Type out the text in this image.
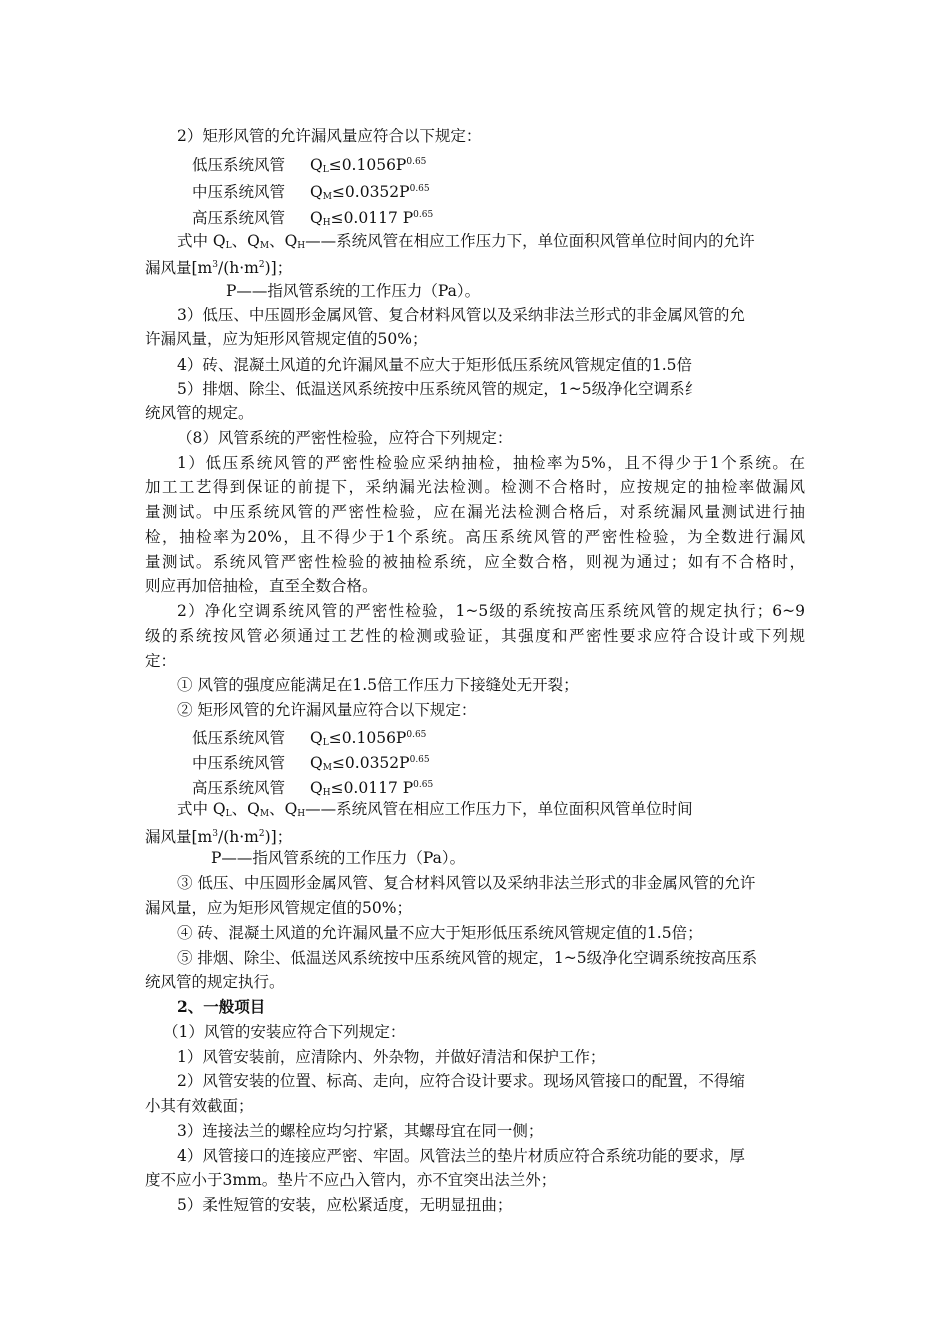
2）矩形风管的允许漏风量应符合以下规定：
低压系统风管 $Q_L\le 0.1056P^{0.65}$
中压系统风管 $Q_M\le 0.0352P^{0.65}$
高压系统风管 $Q_H\le 0.0117$ $P^{0.65}$
式中 $Q_L$、$Q_M$、$Q_H——$系统风管在相应工作压力下，单位面积风管单位时间内的允许
漏风量$[m^3/(h\cdot m^2)]$；
P——指风管系统的工作压力（Pa）。
3）低压、中压圆形金属风管、复合材料风管以及采纳非法兰形式的非金属风管的允
许漏风量，应为矩形风管规定值的50%；
4）砖、混凝土风道的允许漏风量不应大于矩形低压系统风管规定值的1.5倍
5）排烟、除尘、低温送风系统按中压系统风管的规定，1~5级净化空调系纟
统风管的规定。
（8）风管系统的严密性检验，应符合下列规定：
1）低压系统风管的严密性检验应采纳抽检，抽检率为5%，且不得少于1个系统。在
加工工艺得到保证的前提下，采纳漏光法检测。检测不合格时，应按规定的抽检率做漏风
量测试。中压系统风管的严密性检验，应在漏光法检测合格后，对系统漏风量测试进行抽
检，抽检率为20%，且不得少于1个系统。高压系统风管的严密性检验，为全数进行漏风
量测试。系统风管严密性检验的被抽检系统，应全数合格，则视为通过；如有不合格时，
则应再加倍抽检，直至全数合格。
2）净化空调系统风管的严密性检验，1~5级的系统按高压系统风管的规定执行；6~9
级的系统按风管必须通过工艺性的检测或验证，其强度和严密性要求应符合设计或下列规
定：
① 风管的强度应能满足在1.5倍工作压力下接缝处无开裂；
② 矩形风管的允许漏风量应符合以下规定：
低压系统风管 $Q_L\le 0.1056P^{0.65}$
中压系统风管 $Q_M\le 0.0352P^{0.65}$
高压系统风管 $Q_H\le 0.0117$ $P^{0.65}$
式中 $Q_L$、$Q_M$、$Q_H——$系统风管在相应工作压力下，单位面积风管单位时间
漏风量$[m^3/(h\cdot m^2)]$；
P——指风管系统的工作压力（Pa）。
③ 低压、中压圆形金属风管、复合材料风管以及采纳非法兰形式的非金属风管的允许
漏风量，应为矩形风管规定值的50%；
④ 砖、混凝土风道的允许漏风量不应大于矩形低压系统风管规定值的1.5倍；
⑤ 排烟、除尘、低温送风系统按中压系统风管的规定，1~5级净化空调系统按高压系
统风管的规定执行。
2、一般项目
（1）风管的安装应符合下列规定：
1）风管安装前，应清除内、外杂物，并做好清洁和保护工作；
2）风管安装的位置、标高、走向，应符合设计要求。现场风管接口的配置，不得缩
小其有效截面；
3）连接法兰的螺栓应均匀拧紧，其螺母宜在同一侧；
4）风管接口的连接应严密、牢固。风管法兰的垫片材质应符合系统功能的要求，厚
度不应小于3mm。垫片不应凸入管内，亦不宜突出法兰外；
5）柔性短管的安装，应松紧适度，无明显扭曲；
